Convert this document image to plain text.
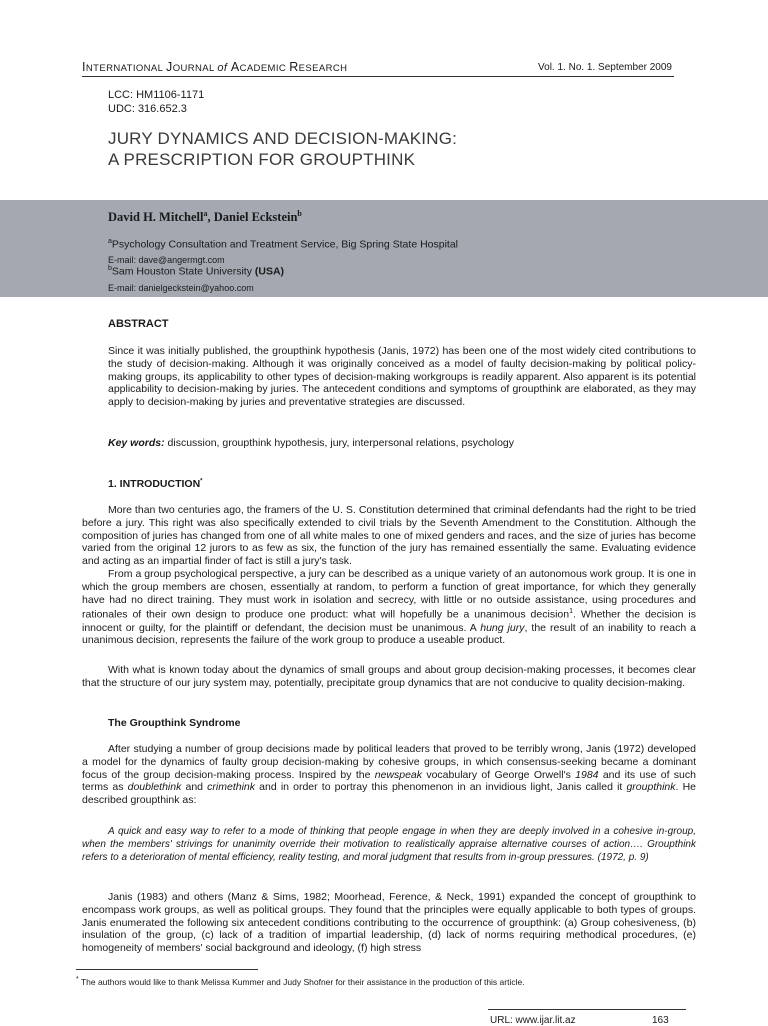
INTERNATIONAL JOURNAL of ACADEMIC RESEARCH	Vol. 1. No. 1. September 2009
LCC: HM1106-1171
UDC: 316.652.3
JURY DYNAMICS AND DECISION-MAKING:
A PRESCRIPTION FOR GROUPTHINK
David H. Mitchell$^a$, Daniel Eckstein$^b$
$^a$Psychology Consultation and Treatment Service, Big Spring State Hospital
E-mail: dave@angermgt.com
$^b$Sam Houston State University (USA)
E-mail: danielgeckstein@yahoo.com
ABSTRACT

Since it was initially published, the groupthink hypothesis (Janis, 1972) has been one of the most widely cited contributions to the study of decision-making. Although it was originally conceived as a model of faulty decision-making by political policy-making groups, its applicability to other types of decision-making workgroups is readily apparent. Also apparent is its potential applicability to decision-making by juries. The antecedent conditions and symptoms of groupthink are elaborated, as they may apply to decision-making by juries and preventative strategies are discussed.

Key words: discussion, groupthink hypothesis, jury, interpersonal relations, psychology
1. INTRODUCTION*

More than two centuries ago, the framers of the U. S. Constitution determined that criminal defendants had the right to be tried before a jury. This right was also specifically extended to civil trials by the Seventh Amendment to the Constitution. Although the composition of juries has changed from one of all white males to one of mixed genders and races, and the size of juries has become varied from the original 12 jurors to as few as six, the function of the jury has remained essentially the same. Evaluating evidence and acting as an impartial finder of fact is still a jury's task.

From a group psychological perspective, a jury can be described as a unique variety of an autonomous work group. It is one in which the group members are chosen, essentially at random, to perform a function of great importance, for which they generally have had no direct training. They must work in isolation and secrecy, with little or no outside assistance, using procedures and rationales of their own design to produce one product: what will hopefully be a unanimous decision$^1$. Whether the decision is innocent or guilty, for the plaintiff or defendant, the decision must be unanimous. A hung jury, the result of an inability to reach a unanimous decision, represents the failure of the work group to produce a useable product.

With what is known today about the dynamics of small groups and about group decision-making processes, it becomes clear that the structure of our jury system may, potentially, precipitate group dynamics that are not conducive to quality decision-making.

The Groupthink Syndrome

After studying a number of group decisions made by political leaders that proved to be terribly wrong, Janis (1972) developed a model for the dynamics of faulty group decision-making by cohesive groups, in which consensus-seeking became a dominant focus of the group decision-making process. Inspired by the newspeak vocabulary of George Orwell's 1984 and its use of such terms as doublethink and crimethink and in order to portray this phenomenon in an invidious light, Janis called it groupthink. He described groupthink as:

A quick and easy way to refer to a mode of thinking that people engage in when they are deeply involved in a cohesive in-group, when the members' strivings for unanimity override their motivation to realistically appraise alternative courses of action…. Groupthink refers to a deterioration of mental efficiency, reality testing, and moral judgment that results from in-group pressures. (1972, p. 9)

Janis (1983) and others (Manz & Sims, 1982; Moorhead, Ference, & Neck, 1991) expanded the concept of groupthink to encompass work groups, as well as political groups. They found that the principles were equally applicable to both types of groups. Janis enumerated the following six antecedent conditions contributing to the occurrence of groupthink: (a) Group cohesiveness, (b) insulation of the group, (c) lack of a tradition of impartial leadership, (d) lack of norms requiring methodical procedures, (e) homogeneity of members' social background and ideology, (f) high stress

* The authors would like to thank Melissa Kummer and Judy Shofner for their assistance in the production of this article.
URL: www.ijar.lit.az	163
